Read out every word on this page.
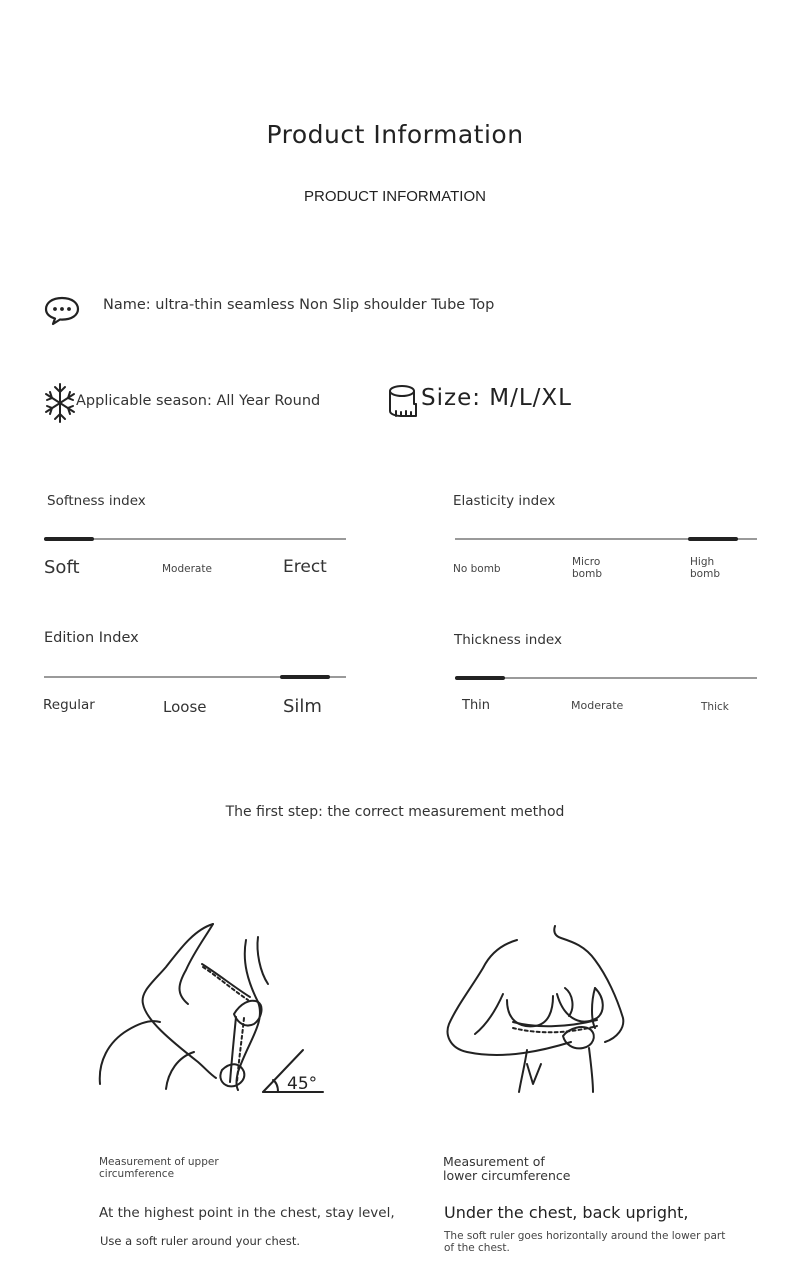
Product Information
PRODUCT INFORMATION
Name: ultra-thin seamless Non Slip shoulder Tube Top
Applicable season: All Year Round	Size: M/L/XL
Softness index
Soft	Moderate	Erect
Elasticity index
No bomb
Micro
bomb
High
bomb
Edition Index
Regular	Loose	Silm
Thickness index
Thin	Moderate	Thick
The first step: the correct measurement method
45°
Measurement of upper
circumference
At the highest point in the chest, stay level,
Use a soft ruler around your chest.
Measurement of
lower circumference
Under the chest, back upright,
The soft ruler goes horizontally around the lower part
of the chest.
